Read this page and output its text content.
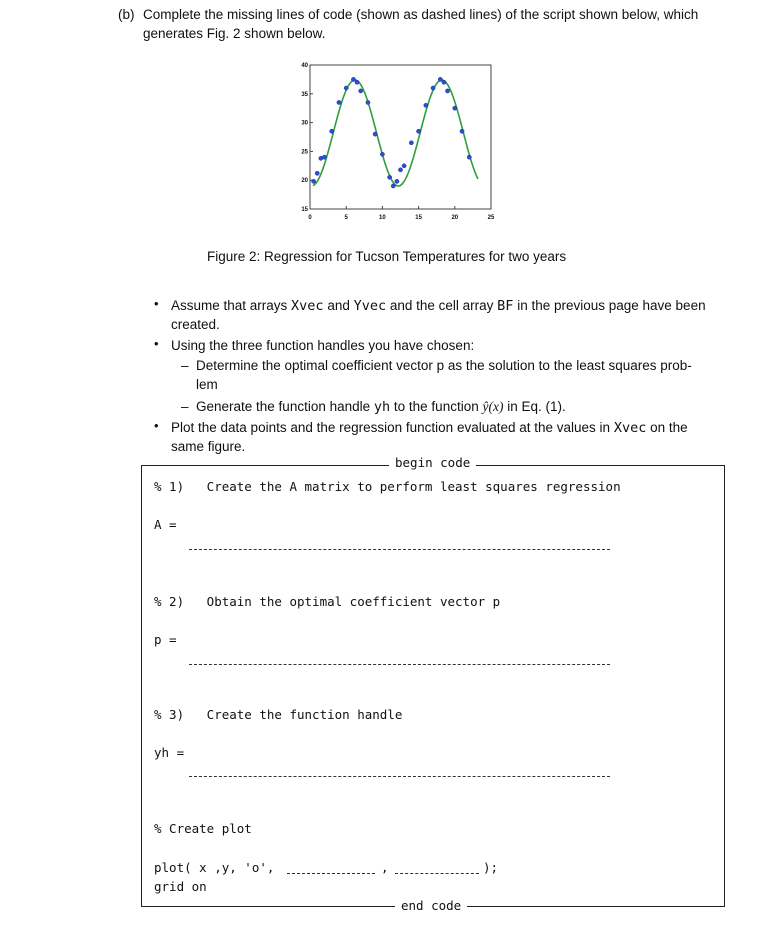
(b) Complete the missing lines of code (shown as dashed lines) of the script shown below, which
generates Fig. 2 shown below.
0	5	10	15	20	25
15
20
25
30
35
40
Figure 2: Regression for Tucson Temperatures for two years
• Assume that arrays Xvec and Yvec and the cell array BF in the previous page have been
created.
• Using the three function handles you have chosen:
– Determine the optimal coefficient vector p as the solution to the least squares prob-
lem
– Generate the function handle yh to the function ŷ(x) in Eq. (1).
• Plot the data points and the regression function evaluated at the values in Xvec on the
same figure.
begin code
end code
% 1)   Create the A matrix to perform least squares regression
A =
% 2)   Obtain the optimal coefficient vector p
p =
% 3)   Create the function handle
yh =
% Create plot
plot( x ,y, 'o',	,	);
grid on
